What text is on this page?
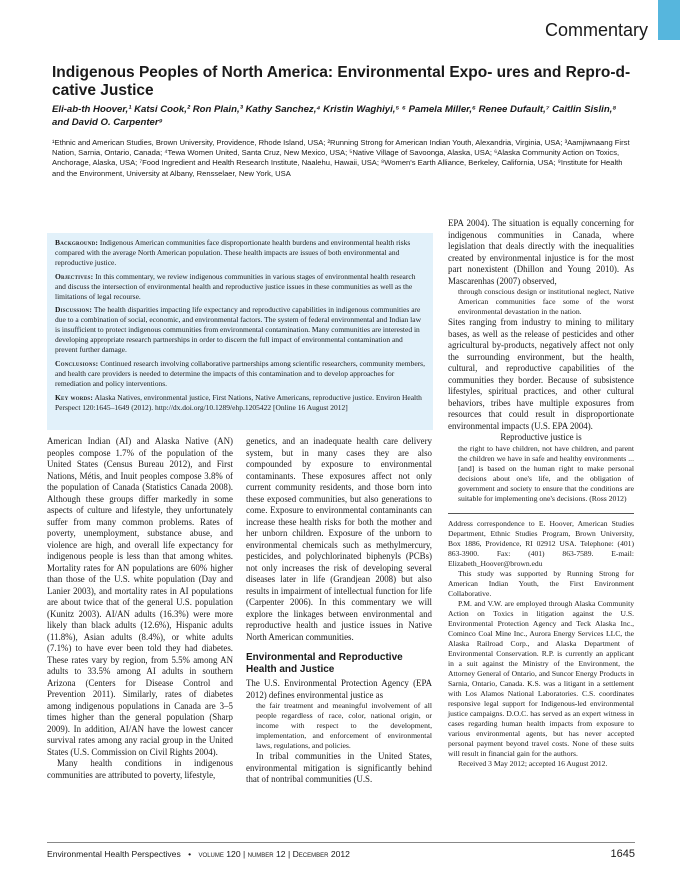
Commentary
Indigenous Peoples of North America: Environmental Expo‑ ures and Repro‑d‑ cative Justice
Eli‑ab‑th Hoover,¹ Katsi Cook,² Ron Plain,³ Kathy Sanchez,⁴ Kristin Waghiyi,⁵ ⁶ Pamela Miller,⁶ Renee Dufault,⁷ Caitlin Sislin,⁸ and David O. Carpenter⁹
¹Ethnic and American Studies, Brown University, Providence, Rhode Island, USA; ²Running Strong for American Indian Youth, Alexandria, Virginia, USA; ³Aamjiwnaang First Nation, Sarnia, Ontario, Canada; ⁴Tewa Women United, Santa Cruz, New Mexico, USA; ⁵Native Village of Savoonga, Alaska, USA; ⁶Alaska Community Action on Toxics, Anchorage, Alaska, USA; ⁷Food Ingredient and Health Research Institute, Naalehu, Hawaii, USA; ⁸Women's Earth Alliance, Berkeley, California, USA; ⁹Institute for Health and the Environment, University at Albany, Rensselaer, New York, USA

Background: Indigenous American communities face disproportionate health burdens and environmental health risks compared with the average North American population. These health impacts are issues of both environmental and reproductive justice.

Objectives: In this commentary, we review indigenous communities in various stages of environmental health research and discuss the intersection of environmental health and reproductive justice issues in these communities as well as the limitations of legal recourse.

Discussion: The health disparities impacting life expectancy and reproductive capabilities in indigenous communities are due to a combination of social, economic, and environmental factors. The system of federal environmental and Indian law is insufficient to protect indigenous communities from environmental contamination. Many communities are interested in developing appropriate research partnerships in order to discern the full impact of environmental contamination and prevent further damage.

Conclusions: Continued research involving collaborative partnerships among scientific researchers, community members, and health care providers is needed to determine the impacts of this contamination and to develop approaches for remediation and policy interventions.

Key words: Alaska Natives, environmental justice, First Nations, Native Americans, reproductive justice. Environ Health Perspect 120:1645–1649 (2012). http://dx.doi.org/10.1289/ehp.1205422 [Online 16 August 2012]

American Indian (AI) and Alaska Native (AN) peoples compose 1.7% of the population of the United States (Census Bureau 2012), and First Nations, Métis, and Inuit peoples compose 3.8% of the population of Canada (Statistics Canada 2008). Although these groups differ markedly in some aspects of culture and lifestyle, they unfortunately suffer from many common problems. Rates of poverty, unemployment, substance abuse, and violence are high, and overall life expectancy for indigenous people is less than that among whites. Mortality rates for AN populations are 60% higher than those of the U.S. white population (Day and Lanier 2003), and mortality rates in AI populations are about twice that of the general U.S. population (Kunitz 2003). AI/AN adults (16.3%) were more likely than black adults (12.6%), Hispanic adults (11.8%), Asian adults (8.4%), or white adults (7.1%) to have ever been told they had diabetes. These rates vary by region, from 5.5% among AN adults to 33.5% among AI adults in southern Arizona (Centers for Disease Control and Prevention 2011). Similarly, rates of diabetes among indigenous populations in Canada are 3–5 times higher than the general population (Sharp 2009). In addition, AI/AN have the lowest cancer survival rates among any racial group in the United States (U.S. Commission on Civil Rights 2004).

Many health conditions in indigenous communities are attributed to poverty, lifestyle,

genetics, and an inadequate health care delivery system, but in many cases they are also compounded by exposure to environmental contaminants. These exposures affect not only current community residents, and those born into these exposed communities, but also generations to come. Exposure to environmental contaminants can increase these health risks for both the mother and her unborn children. Exposure of the unborn to environmental chemicals such as methylmercury, pesticides, and polychlorinated biphenyls (PCBs) not only increases the risk of developing several diseases later in life (Grandjean 2008) but also results in impairment of intellectual function for life (Carpenter 2006). In this commentary we will explore the linkages between environmental and reproductive health and justice issues in Native North American communities.

Environmental and Reproductive Health and Justice

The U.S. Environmental Protection Agency (EPA 2012) defines environmental justice as

the fair treatment and meaningful involvement of all people regardless of race, color, national origin, or income with respect to the development, implementation, and enforcement of environmental laws, regulations, and policies.

In tribal communities in the United States, environmental mitigation is significantly behind that of nontribal communities (U.S.

EPA 2004). The situation is equally concerning for indigenous communities in Canada, where legislation that deals directly with the inequalities created by environmental injustice is for the most part nonexistent (Dhillon and Young 2010). As Mascarenhas (2007) observed,

through conscious design or institutional neglect, Native American communities face some of the worst environmental devastation in the nation.

Sites ranging from industry to mining to military bases, as well as the release of pesticides and other agricultural by-products, negatively affect not only the surrounding environment, but the health, cultural, and reproductive capabilities of the communities they border. Because of subsistence lifestyles, spiritual practices, and other cultural behaviors, tribes have multiple exposures from resources that could result in disproportionate environmental impacts (U.S. EPA 2004).

Reproductive justice is

the right to have children, not have children, and parent the children we have in safe and healthy environments ... [and] is based on the human right to make personal decisions about one's life, and the obligation of government and society to ensure that the conditions are suitable for implementing one's decisions. (Ross 2012)

Address correspondence to E. Hoover, American Studies Department, Ethnic Studies Program, Brown University, Box 1886, Providence, RI 02912 USA. Telephone: (401) 863-3900. Fax: (401) 863-7589. E-mail: Elizabeth_Hoover@brown.edu

This study was supported by Running Strong for American Indian Youth, the First Environment Collaborative.

P.M. and V.W. are employed through Alaska Community Action on Toxics in litigation against the U.S. Environmental Protection Agency and Teck Alaska Inc., Cominco Coal Mine Inc., Aurora Energy Services LLC, the Alaska Railroad Corp., and Alaska Department of Environmental Conservation. R.P. is currently an applicant in a suit against the Ministry of the Environment, the Attorney General of Ontario, and Suncor Energy Products in Sarnia, Ontario, Canada. K.S. was a litigant in a settlement with Los Alamos National Laboratories. C.S. coordinates responsive legal support for Indigenous-led environmental justice campaigns. D.O.C. has served as an expert witness in cases regarding human health impacts from exposure to various environmental agents, but has never accepted personal payment beyond travel costs. None of these suits will result in financial gain for the authors.

Received 3 May 2012; accepted 16 August 2012.

Environmental Health Perspectives • volume 120 | number 12 | December 2012	1645
